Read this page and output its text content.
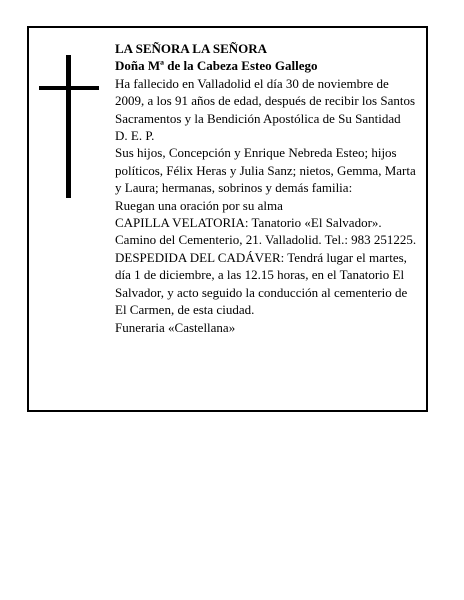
LA SEÑORA LA SEÑORA

Doña Mª de la Cabeza Esteo Gallego

Ha fallecido en Valladolid el día 30 de noviembre de 2009, a los 91 años de edad, después de recibir los Santos Sacramentos y la Bendición Apostólica de Su Santidad

D. E. P.

Sus hijos, Concepción y Enrique Nebreda Esteo; hijos políticos, Félix Heras y Julia Sanz; nietos, Gemma, Marta y Laura; hermanas, sobrinos y demás familia:

Ruegan una oración por su alma

CAPILLA VELATORIA: Tanatorio «El Salvador». Camino del Cementerio, 21. Valladolid. Tel.: 983 251225.

DESPEDIDA DEL CADÁVER: Tendrá lugar el martes, día 1 de diciembre, a las 12.15 horas, en el Tanatorio El Salvador, y acto seguido la conducción al cementerio de El Carmen, de esta ciudad.

Funeraria «Castellana»
